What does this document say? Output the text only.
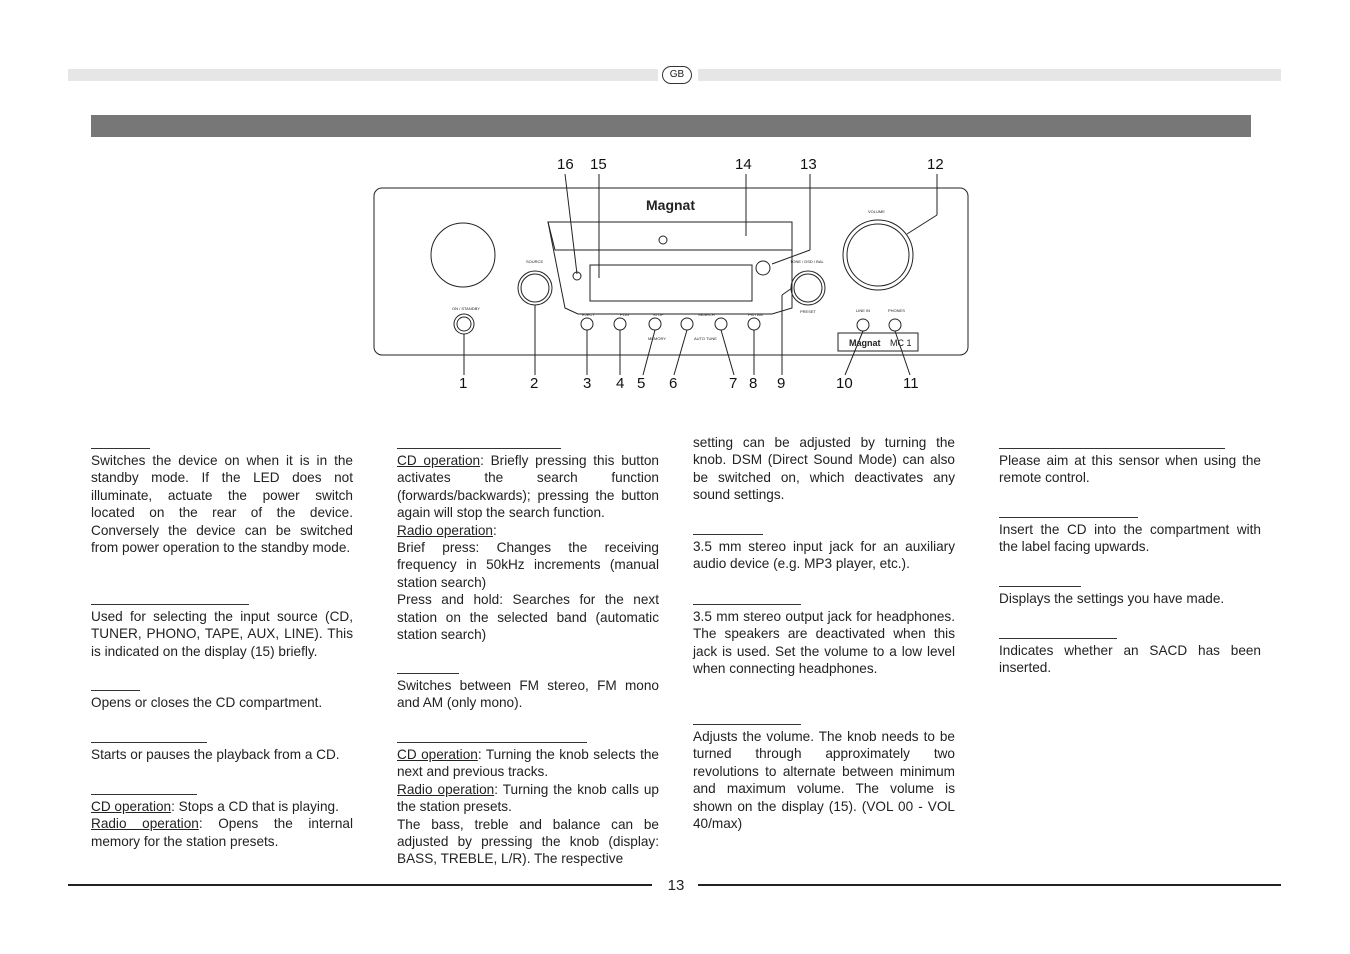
GB
Magnat	VOLUME
SOURCE
ON / STANDBY
TONE / DSD / BAL
PRESET
EJECT	PLAY	STOP
MEMORY
SEARCH
AUTO TUNE
FM / AM
LINE IN	PHONES
Magnat MC 1
16 15	14	13	12
1	2	3 4 5 6	7 8 9	10	11

Switches the device on when it is in the standby mode. If the LED does not illuminate, actuate the power switch located on the rear of the device. Conversely the device can be switched from power operation to the standby mode.

Used for selecting the input source (CD, TUNER, PHONO, TAPE, AUX, LINE). This is indicated on the display (15) briefly.

Opens or closes the CD compartment.

Starts or pauses the playback from a CD.

CD operation: Stops a CD that is playing.

Radio operation: Opens the internal memory for the station presets.

CD operation: Briefly pressing this button activates the search function (forwards/backwards); pressing the button again will stop the search function.

Radio operation:

Brief press: Changes the receiving frequency in 50kHz increments (manual station search)

Press and hold: Searches for the next station on the selected band (automatic station search)

Switches between FM stereo, FM mono and AM (only mono).

CD operation: Turning the knob selects the next and previous tracks.

Radio operation: Turning the knob calls up the station presets.

The bass, treble and balance can be adjusted by pressing the knob (display: BASS, TREBLE, L/R). The respective

setting can be adjusted by turning the knob. DSM (Direct Sound Mode) can also be switched on, which deactivates any sound settings.

3.5 mm stereo input jack for an auxiliary audio device (e.g. MP3 player, etc.).

3.5 mm stereo output jack for headphones. The speakers are deactivated when this jack is used. Set the volume to a low level when connecting headphones.

Adjusts the volume. The knob needs to be turned through approximately two revolutions to alternate between minimum and maximum volume. The volume is shown on the display (15). (VOL 00 - VOL 40/max)

Please aim at this sensor when using the remote control.

Insert the CD into the compartment with the label facing upwards.

Displays the settings you have made.

Indicates whether an SACD has been inserted.

13
